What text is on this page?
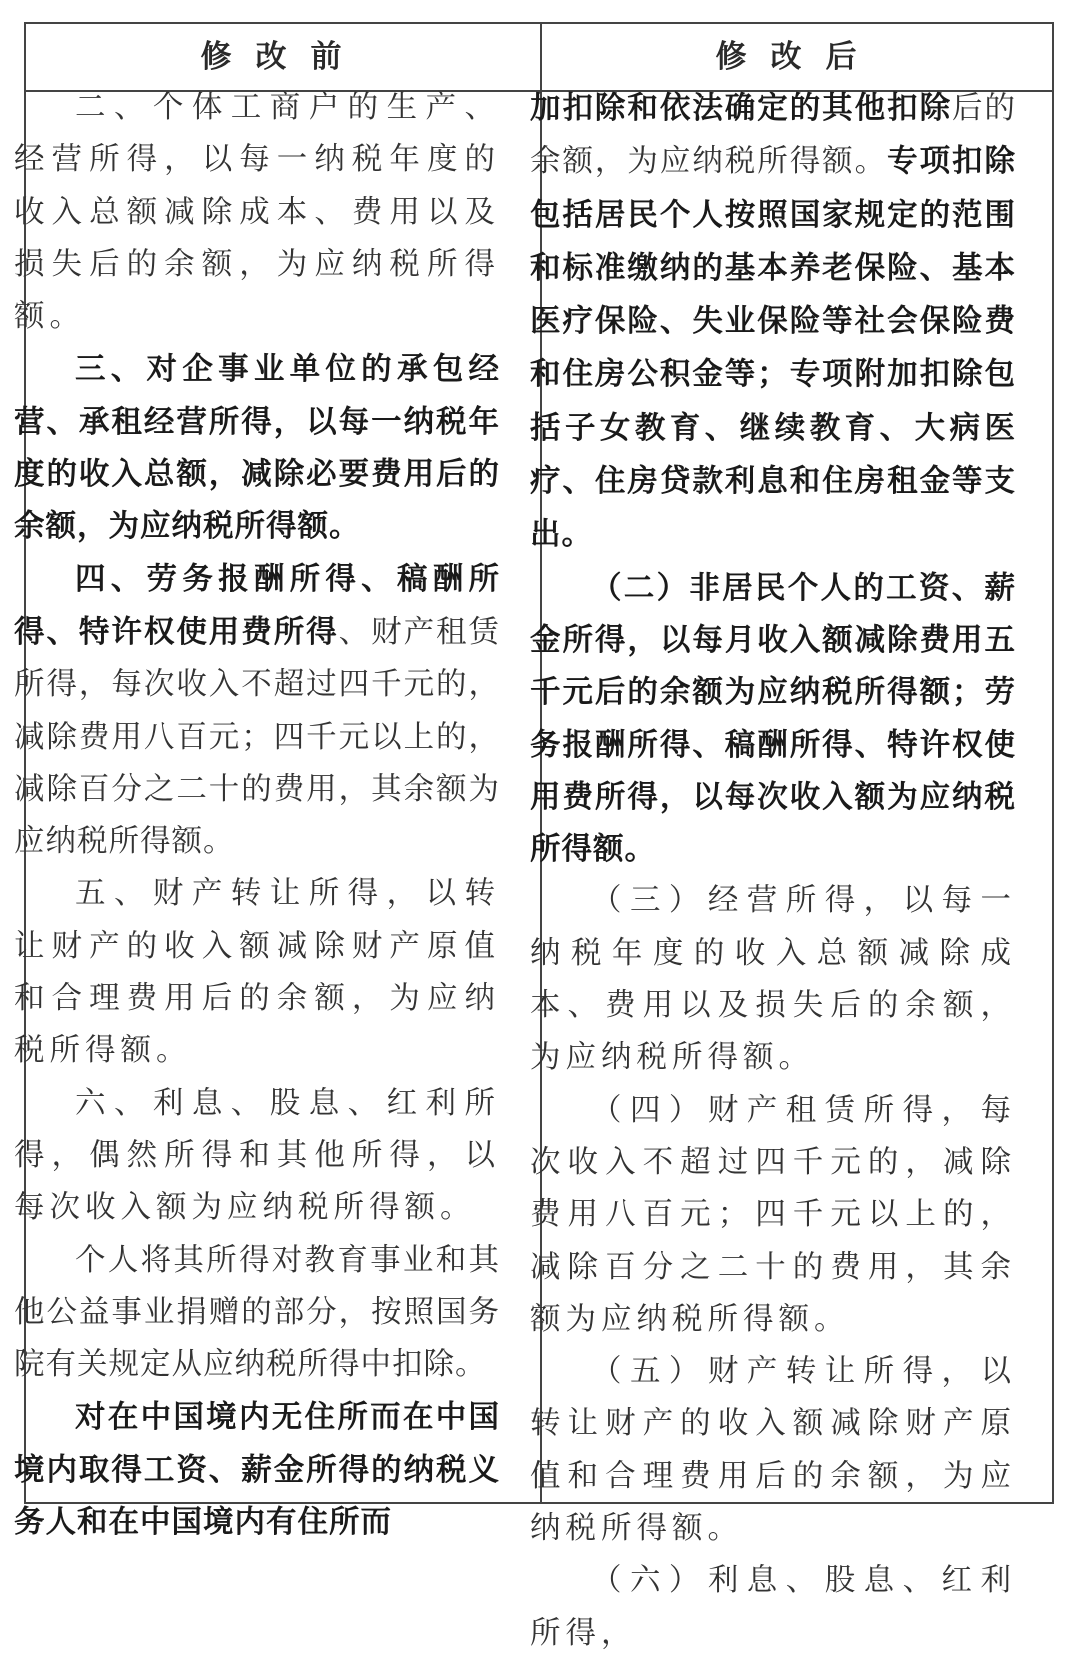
修改前	修改后

二、个体工商户的生产、经营所得，以每一纳税年度的收入总额减除成本、费用以及损失后的余额，为应纳税所得额。

三、对企事业单位的承包经营、承租经营所得，以每一纳税年度的收入总额，减除必要费用后的余额，为应纳税所得额。

四、劳务报酬所得、稿酬所得、特许权使用费所得、财产租赁所得，每次收入不超过四千元的，减除费用八百元；四千元以上的，减除百分之二十的费用，其余额为应纳税所得额。

五、财产转让所得，以转让财产的收入额减除财产原值和合理费用后的余额，为应纳税所得额。

六、利息、股息、红利所得，偶然所得和其他所得，以每次收入额为应纳税所得额。

个人将其所得对教育事业和其他公益事业捐赠的部分，按照国务院有关规定从应纳税所得中扣除。

对在中国境内无住所而在中国境内取得工资、薪金所得的纳税义务人和在中国境内有住所而

加扣除和依法确定的其他扣除后的余额，为应纳税所得额。专项扣除包括居民个人按照国家规定的范围和标准缴纳的基本养老保险、基本医疗保险、失业保险等社会保险费和住房公积金等；专项附加扣除包括子女教育、继续教育、大病医疗、住房贷款利息和住房租金等支出。

（二）非居民个人的工资、薪金所得，以每月收入额减除费用五千元后的余额为应纳税所得额；劳务报酬所得、稿酬所得、特许权使用费所得，以每次收入额为应纳税所得额。

（三）经营所得，以每一纳税年度的收入总额减除成本、费用以及损失后的余额，为应纳税所得额。

（四）财产租赁所得，每次收入不超过四千元的，减除费用八百元；四千元以上的，减除百分之二十的费用，其余额为应纳税所得额。

（五）财产转让所得，以转让财产的收入额减除财产原值和合理费用后的余额，为应纳税所得额。

（六）利息、股息、红利所得，
